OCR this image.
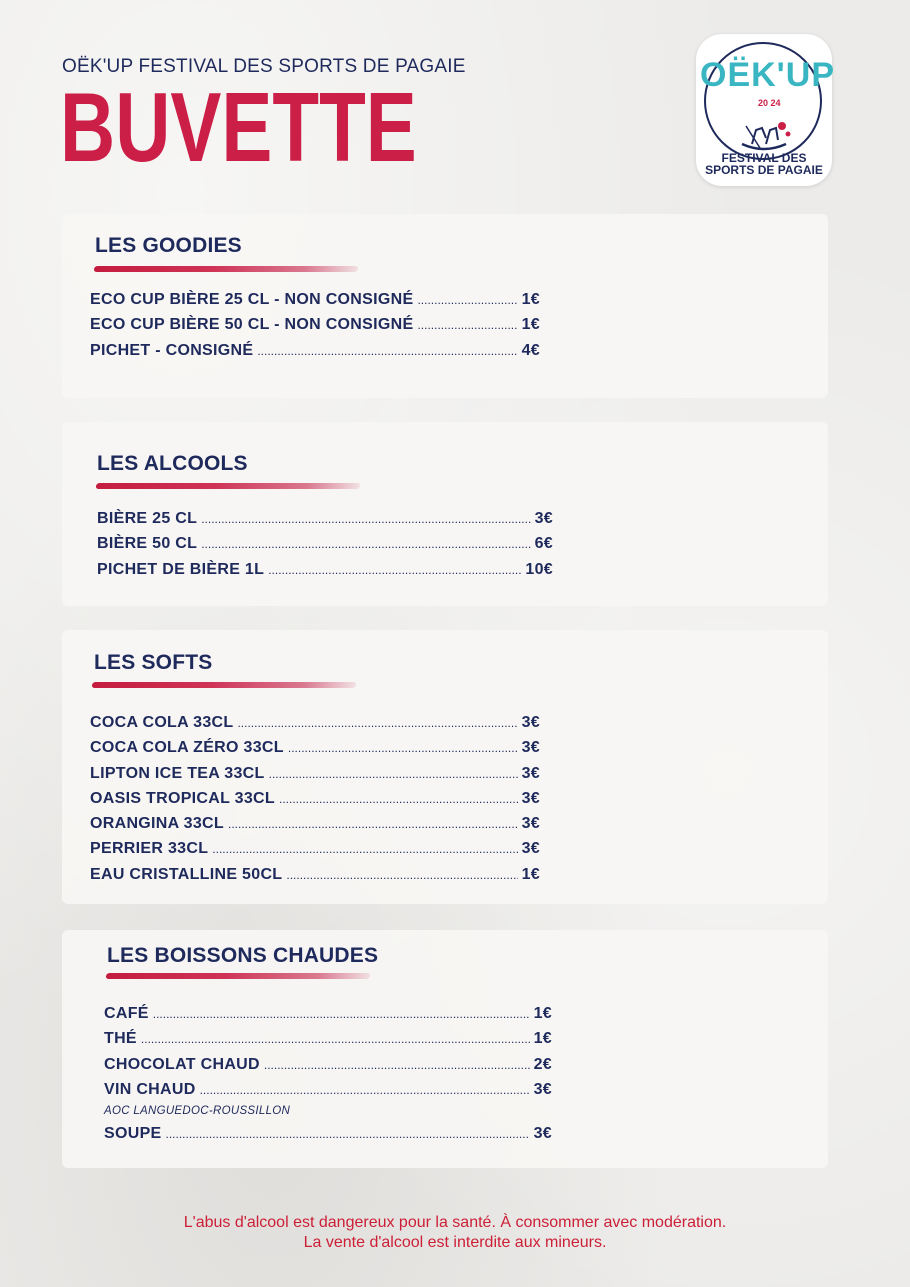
OËK'UP FESTIVAL DES SPORTS DE PAGAIE
BUVETTE	OËK'UP
20 24
FESTIVAL DES
SPORTS DE PAGAIE
LES GOODIES
ECO CUP BIÈRE 25 CL - NON CONSIGNÉ .....	1€
ECO CUP BIÈRE 50 CL - NON CONSIGNÉ .....	1€
PICHET - CONSIGNÉ .....	4€
LES ALCOOLS
BIÈRE 25 CL .....	3€
BIÈRE 50 CL .....	6€
PICHET DE BIÈRE 1L .....	10€
LES SOFTS
COCA COLA 33CL .....	3€
COCA COLA ZÉRO 33CL .....	3€
LIPTON ICE TEA 33CL .....	3€
OASIS TROPICAL 33CL .....	3€
ORANGINA 33CL .....	3€
PERRIER 33CL .....	3€
EAU CRISTALLINE 50CL .....	1€
LES BOISSONS CHAUDES
CAFÉ .....	1€
THÉ .....	1€
CHOCOLAT CHAUD .....	2€
VIN CHAUD .....	3€
AOC LANGUEDOC-ROUSSILLON
SOUPE .....	3€
L'abus d'alcool est dangereux pour la santé. À consommer avec modération.
La vente d'alcool est interdite aux mineurs.
